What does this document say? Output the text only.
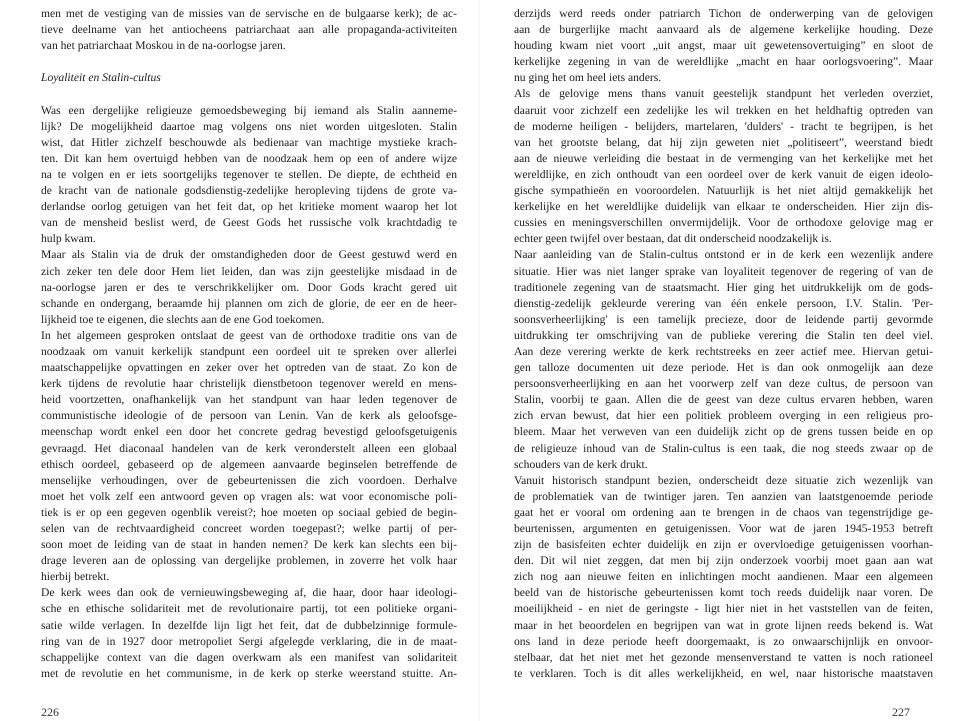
men met de vestiging van de missies van de servische en de bulgaarse kerk); de ac-
tieve deelname van het antiocheens patriarchaat aan alle propaganda-activiteiten
van het patriarchaat Moskou in de na-oorlogse jaren.
Loyaliteit en Stalin-cultus
Was een dergelijke religieuze gemoedsbeweging bij iemand als Stalin aanneme-
lijk? De mogelijkheid daartoe mag volgens ons niet worden uitgesloten. Stalin
wist, dat Hitler zichzelf beschouwde als bedienaar van machtige mystieke krach-
ten. Dit kan hem overtuigd hebben van de noodzaak hem op een of andere wijze
na te volgen en er iets soortgelijks tegenover te stellen. De diepte, de echtheid en
de kracht van de nationale godsdienstig-zedelijke heropleving tijdens de grote va-
derlandse oorlog getuigen van het feit dat, op het kritieke moment waarop het lot
van de mensheid beslist werd, de Geest Gods het russische volk krachtdadig te
hulp kwam.
Maar als Stalin via de druk der omstandigheden door de Geest gestuwd werd en
zich zeker ten dele door Hem liet leiden, dan was zijn geestelijke misdaad in de
na-oorlogse jaren er des te verschrikkelijker om. Door Gods kracht gered uit
schande en ondergang, beraamde hij plannen om zich de glorie, de eer en de heer-
lijkheid toe te eigenen, die slechts aan de ene God toekomen.
In het algemeen gesproken ontslaat de geest van de orthodoxe traditie ons van de
noodzaak om vanuit kerkelijk standpunt een oordeel uit te spreken over allerlei
maatschappelijke opvattingen en zeker over het optreden van de staat. Zo kon de
kerk tijdens de revolutie haar christelijk dienstbetoon tegenover wereld en mens-
heid voortzetten, onafhankelijk van het standpunt van haar leden tegenover de
communistische ideologie of de persoon van Lenin. Van de kerk als geloofsge-
meenschap wordt enkel een door het concrete gedrag bevestigd geloofsgetuigenis
gevraagd. Het diaconaal handelen van de kerk veronderstelt alleen een globaal
ethisch oordeel, gebaseerd op de algemeen aanvaarde beginselen betreffende de
menselijke verhoudingen, over de gebeurtenissen die zich voordoen. Derhalve
moet het volk zelf een antwoord geven op vragen als: wat voor economische poli-
tiek is er op een gegeven ogenblik vereist?; hoe moeten op sociaal gebied de begin-
selen van de rechtvaardigheid concreet worden toegepast?; welke partij of per-
soon moet de leiding van de staat in handen nemen? De kerk kan slechts een bij-
drage leveren aan de oplossing van dergelijke problemen, in zoverre het volk haar
hierbij betrekt.
De kerk wees dan ook de vernieuwingsbeweging af, die haar, door haar ideologi-
sche en ethische solidariteit met de revolutionaire partij, tot een politieke organi-
satie wilde verlagen. In dezelfde lijn ligt het feit, dat de dubbelzinnige formule-
ring van de in 1927 door metropoliet Sergi afgelegde verklaring, die in de maat-
schappelijke context van die dagen overkwam als een manifest van solidariteit
met de revolutie en het communisme, in de kerk op sterke weerstand stuitte. An-
226
derzijds werd reeds onder patriarch Tichon de onderwerping van de gelovigen
aan de burgerlijke macht aanvaard als de algemene kerkelijke houding. Deze
houding kwam niet voort „uit angst, maar uit gewetensovertuiging” en sloot de
kerkelijke zegening in van de wereldlijke „macht en haar oorlogsvoering”. Maar
nu ging het om heel iets anders.
Als de gelovige mens thans vanuit geestelijk standpunt het verleden overziet,
daaruit voor zichzelf een zedelijke les wil trekken en het heldhaftig optreden van
de moderne heiligen - belijders, martelaren, 'dulders' - tracht te begrijpen, is het
van het grootste belang, dat hij zijn geweten niet „politiseert”, weerstand biedt
aan de nieuwe verleiding die bestaat in de vermenging van het kerkelijke met het
wereldlijke, en zich onthoudt van een oordeel over de kerk vanuit de eigen ideolo-
gische sympathieën en vooroordelen. Natuurlijk is het niet altijd gemakkelijk het
kerkelijke en het wereldlijke duidelijk van elkaar te onderscheiden. Hier zijn dis-
cussies en meningsverschillen onvermijdelijk. Voor de orthodoxe gelovige mag er
echter geen twijfel over bestaan, dat dit onderscheid noodzakelijk is.
Naar aanleiding van de Stalin-cultus ontstond er in de kerk een wezenlijk andere
situatie. Hier was niet langer sprake van loyaliteit tegenover de regering of van de
traditionele zegening van de staatsmacht. Hier ging het uitdrukkelijk om de gods-
dienstig-zedelijk gekleurde verering van één enkele persoon, I.V. Stalin. 'Per-
soonsverheerlijking' is een tamelijk precieze, door de leidende partij gevormde
uitdrukking ter omschrijving van de publieke verering die Stalin ten deel viel.
Aan deze verering werkte de kerk rechtstreeks en zeer actief mee. Hiervan getui-
gen talloze documenten uit deze periode. Het is dan ook onmogelijk aan deze
persoonsverheerlijking en aan het voorwerp zelf van deze cultus, de persoon van
Stalin, voorbij te gaan. Allen die de geest van deze cultus ervaren hebben, waren
zich ervan bewust, dat hier een politiek probleem overging in een religieus pro-
bleem. Maar het verweven van een duidelijk zicht op de grens tussen beide en op
de religieuze inhoud van de Stalin-cultus is een taak, die nog steeds zwaar op de
schouders van de kerk drukt.
Vanuit historisch standpunt bezien, onderscheidt deze situatie zich wezenlijk van
de problematiek van de twintiger jaren. Ten aanzien van laatstgenoemde periode
gaat het er vooral om ordening aan te brengen in de chaos van tegenstrijdige ge-
beurtenissen, argumenten en getuigenissen. Voor wat de jaren 1945-1953 betreft
zijn de basisfeiten echter duidelijk en zijn er overvloedige getuigenissen voorhan-
den. Dit wil niet zeggen, dat men bij zijn onderzoek voorbij moet gaan aan wat
zich nog aan nieuwe feiten en inlichtingen mocht aandienen. Maar een algemeen
beeld van de historische gebeurtenissen komt toch reeds duidelijk naar voren. De
moeilijkheid - en niet de geringste - ligt hier niet in het vaststellen van de feiten,
maar in het beoordelen en begrijpen van wat in grote lijnen reeds bekend is. Wat
ons land in deze periode heeft doorgemaakt, is zo onwaarschijnlijk en onvoor-
stelbaar, dat het niet met het gezonde mensenverstand te vatten is noch rationeel
te verklaren. Toch is dit alles werkelijkheid, en wel, naar historische maatstaven
227
